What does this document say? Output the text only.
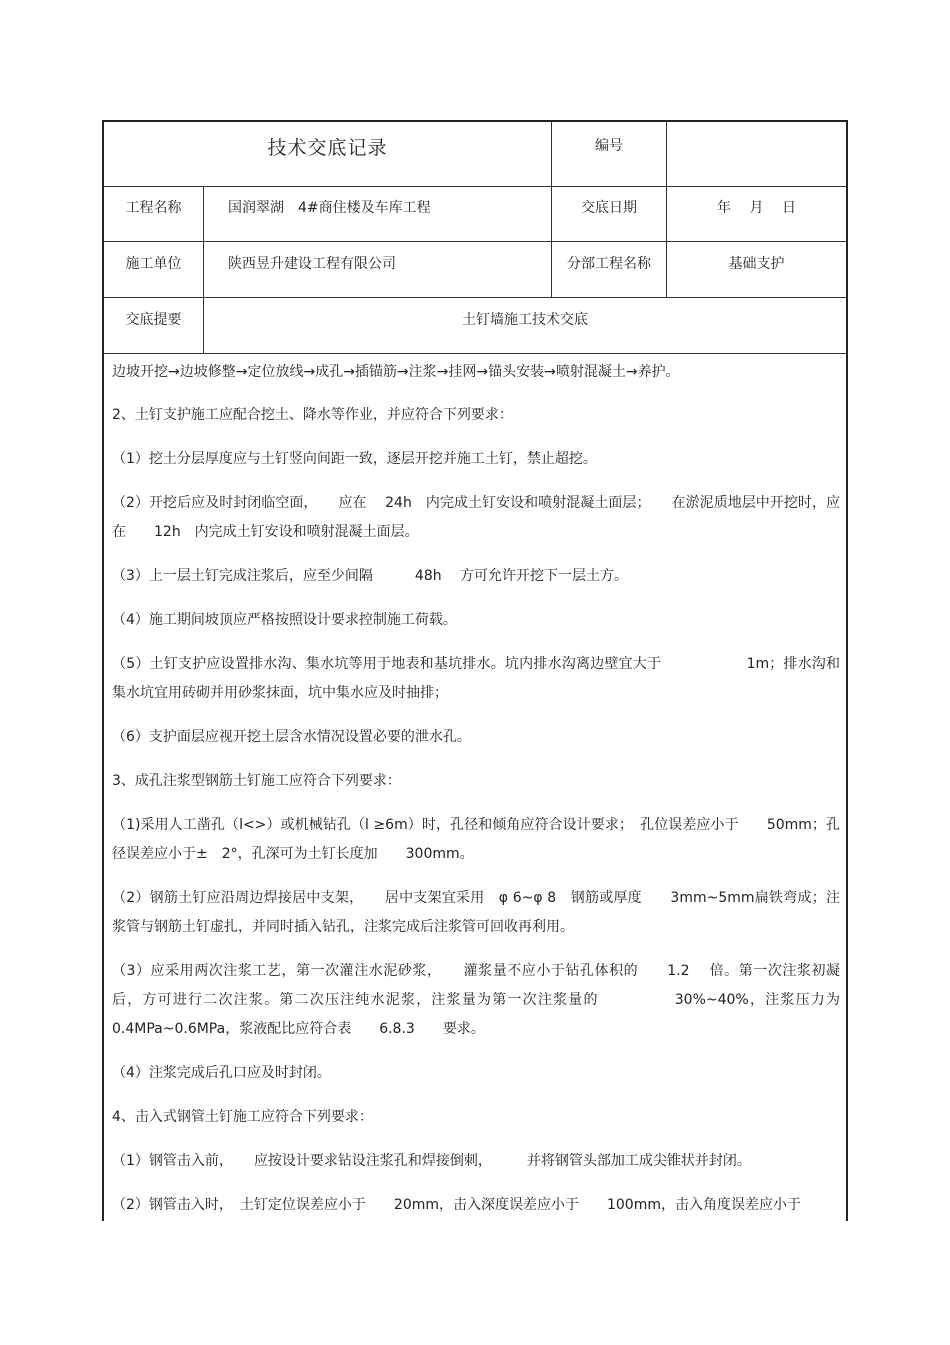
技术交底记录	编号
工程名称	国润翠湖　4#商住楼及车库工程	交底日期	年　 月　 日
施工单位	陕西昱升建设工程有限公司	分部工程名称	基础支护
交底提要	土钉墙施工技术交底

边坡开挖→边坡修整→定位放线→成孔→插锚筋→注浆→挂网→锚头安装→喷射混凝土→养护。

2、土钉支护施工应配合挖土、降水等作业，并应符合下列要求：

（1）挖土分层厚度应与土钉竖向间距一致，逐层开挖并施工土钉，禁止超挖。

（2）开挖后应及时封闭临空面，　　应在　 24h　内完成土钉安设和喷射混凝土面层；　　在淤泥质地层中开挖时，应在　　12h　内完成土钉安设和喷射混凝土面层。

（3）上一层土钉完成注浆后，应至少间隔　　　48h　 方可允许开挖下一层土方。

（4）施工期间坡顶应严格按照设计要求控制施工荷载。

（5）土钉支护应设置排水沟、集水坑等用于地表和基坑排水。坑内排水沟离边壁宜大于　　　　　　1m；排水沟和集水坑宜用砖砌并用砂浆抹面，坑中集水应及时抽排；

（6）支护面层应视开挖土层含水情况设置必要的泄水孔。

3、成孔注浆型钢筋土钉施工应符合下列要求：

（1)采用人工凿孔（l<>）或机械钻孔（l ≥6m）时，孔径和倾角应符合设计要求；　孔位误差应小于　　50mm；孔径误差应小于±　2°，孔深可为土钉长度加　　300mm。

（2）钢筋土钉应沿周边焊接居中支架，　　居中支架宜采用　φ 6~φ 8　钢筋或厚度　　3mm~5mm扁铁弯成；注浆管与钢筋土钉虚扎，并同时插入钻孔，注浆完成后注浆管可回收再利用。

（3）应采用两次注浆工艺，第一次灌注水泥砂浆，　　灌浆量不应小于钻孔体积的　　1.2　 倍。第一次注浆初凝后，方可进行二次注浆。第二次压注纯水泥浆，注浆量为第一次注浆量的　　　　　30%~40%，注浆压力为　0.4MPa~0.6MPa，浆液配比应符合表　　6.8.3　　要求。

（4）注浆完成后孔口应及时封闭。

4、击入式钢管土钉施工应符合下列要求：

（1）钢管击入前，　　应按设计要求钻设注浆孔和焊接倒刺，　　　并将钢管头部加工成尖锥状并封闭。

（2）钢管击入时，　土钉定位误差应小于　　20mm，击入深度误差应小于　　100mm，击入角度误差应小于
